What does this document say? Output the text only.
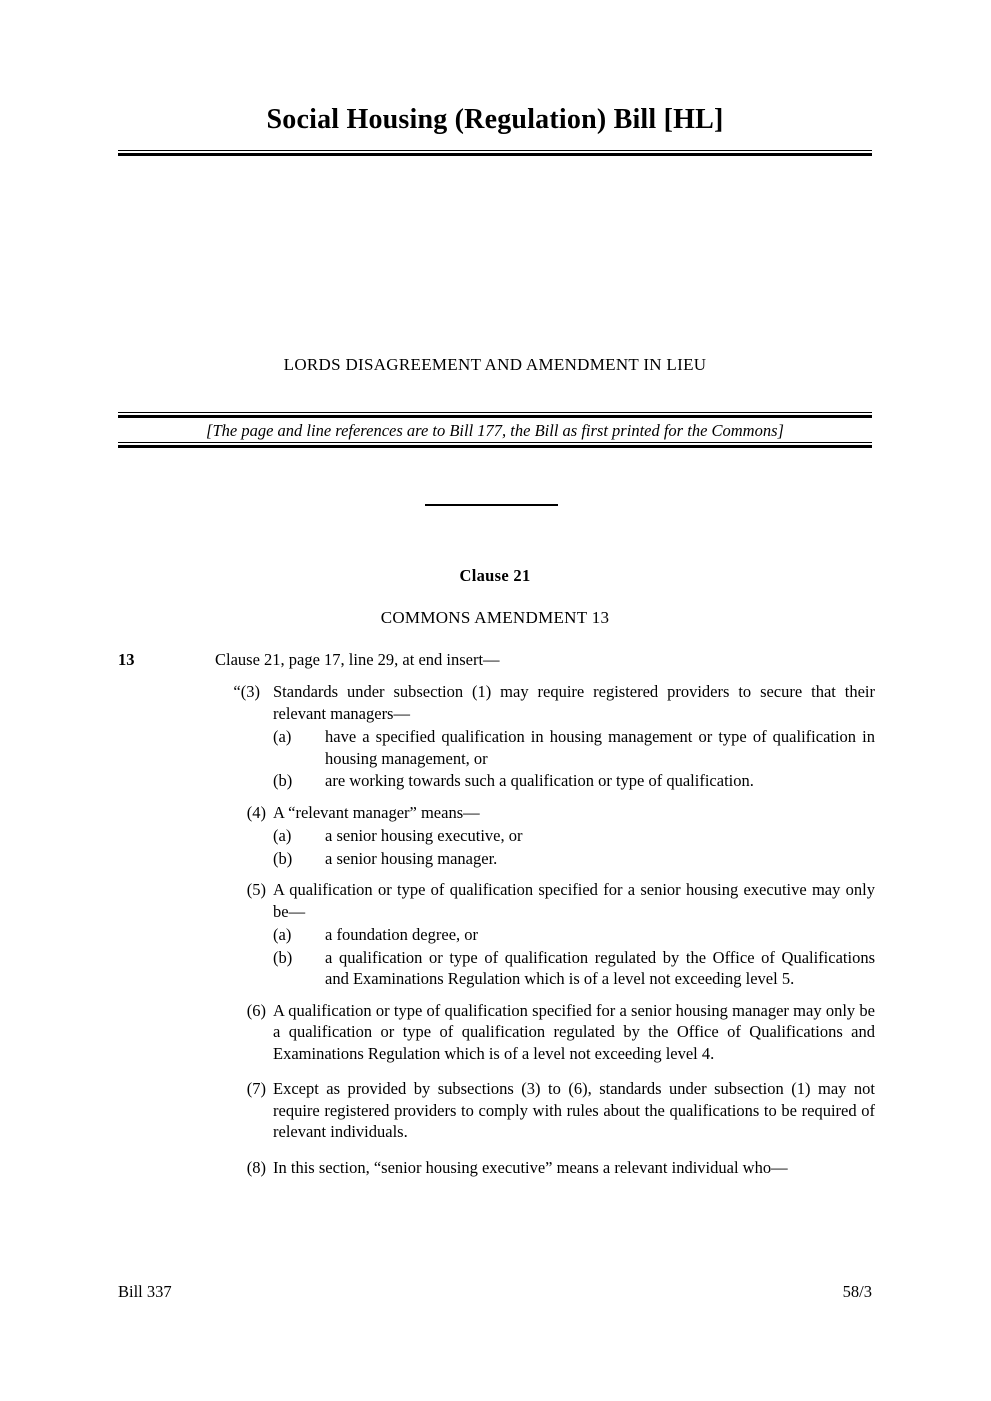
Social Housing (Regulation) Bill [HL]
LORDS DISAGREEMENT AND AMENDMENT IN LIEU
[The page and line references are to Bill 177, the Bill as first printed for the Commons]
Clause 21
COMMONS AMENDMENT 13
13	Clause 21, page 17, line 29, at end insert—
“(3) Standards under subsection (1) may require registered providers to secure that their relevant managers—

(a)	have a specified qualification in housing management or type of qualification in housing management, or

(b)	are working towards such a qualification or type of qualification.

(4) A “relevant manager” means—

(a)	a senior housing executive, or

(b)	a senior housing manager.

(5) A qualification or type of qualification specified for a senior housing executive may only be—

(a)	a foundation degree, or

(b)	a qualification or type of qualification regulated by the Office of Qualifications and Examinations Regulation which is of a level not exceeding level 5.

(6) A qualification or type of qualification specified for a senior housing manager may only be a qualification or type of qualification regulated by the Office of Qualifications and Examinations Regulation which is of a level not exceeding level 4.

(7) Except as provided by subsections (3) to (6), standards under subsection (1) may not require registered providers to comply with rules about the qualifications to be required of relevant individuals.

(8) In this section, “senior housing executive” means a relevant individual who—

Bill 337	58/3
